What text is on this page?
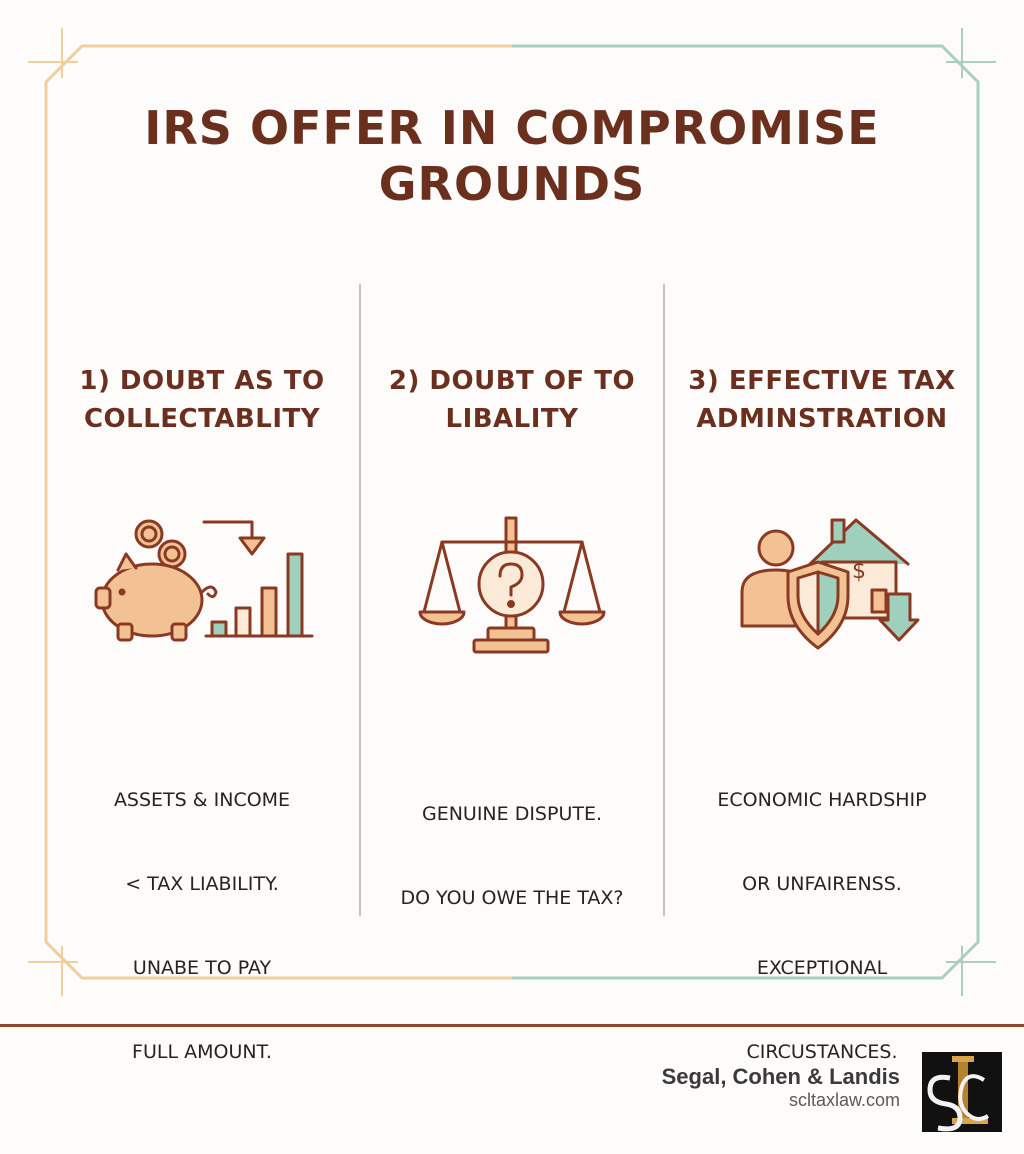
IRS OFFER IN COMPROMISE
GROUNDS
1) DOUBT AS TO
COLLECTABLITY

ASSETS & INCOME

< TAX LIABILITY.

UNABE TO PAY

FULL AMOUNT.

2) DOUBT OF TO
LIBALITY

GENUINE DISPUTE.

DO YOU OWE THE TAX?

3) EFFECTIVE TAX
ADMINSTRATION
$

ECONOMIC HARDSHIP

OR UNFAIRENSS.

EXCEPTIONAL

CIRCUSTANCES.

Segal, Cohen & Landis
scltaxlaw.com
